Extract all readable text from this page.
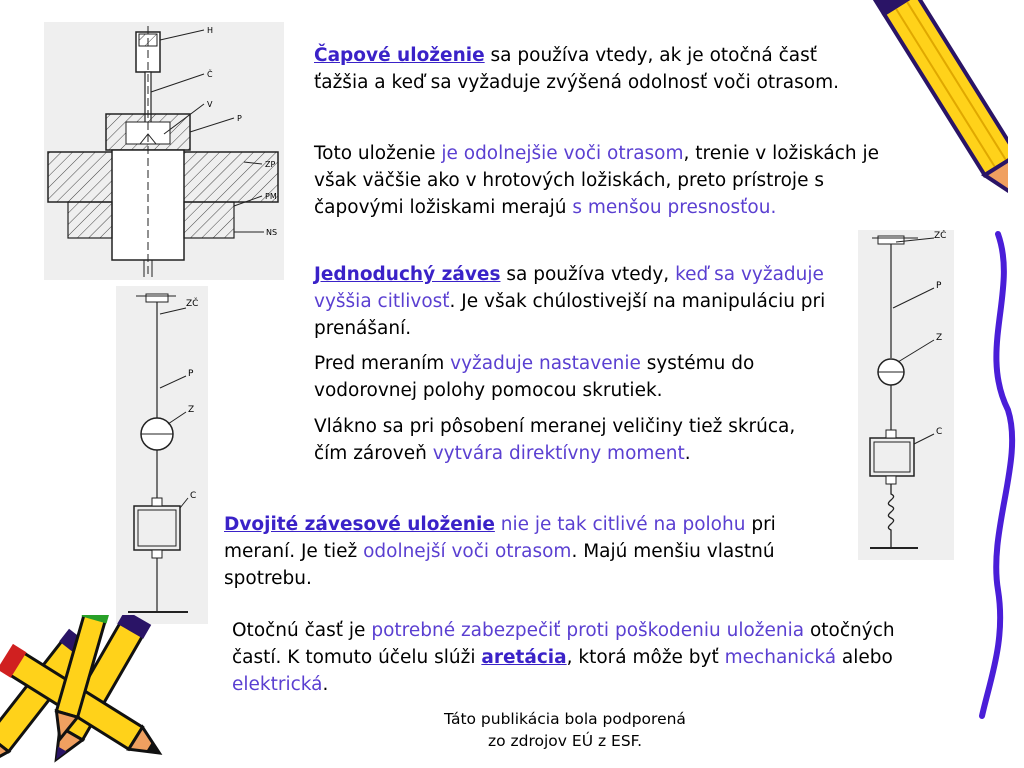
H
Č
V
P
ZP
PM
NS
ZČ
P
Z
C
ZČ
P
Z
C
Čapové uloženie sa používa vtedy, ak je otočná časť ťažšia a keď sa vyžaduje zvýšená odolnosť voči otrasom.
Toto uloženie je odolnejšie voči otrasom, trenie v ložiskách je však väčšie ako v hrotových ložiskách, preto prístroje s čapovými ložiskami merajú s menšou presnosťou.
Jednoduchý záves sa používa vtedy, keď sa vyžaduje vyššia citlivosť. Je však chúlostivejší na manipuláciu pri prenášaní.
Pred meraním vyžaduje nastavenie systému do vodorovnej polohy pomocou skrutiek.
Vlákno sa pri pôsobení meranej veličiny tiež skrúca, čím zároveň vytvára direktívny moment.
Dvojité závesové uloženie nie je tak citlivé na polohu pri meraní. Je tiež odolnejší voči otrasom. Majú menšiu vlastnú spotrebu.
Otočnú časť je potrebné zabezpečiť proti poškodeniu uloženia otočných častí. K tomuto účelu slúži aretácia, ktorá môže byť mechanická alebo elektrická.
Táto publikácia bola podporená
zo zdrojov EÚ z ESF.
